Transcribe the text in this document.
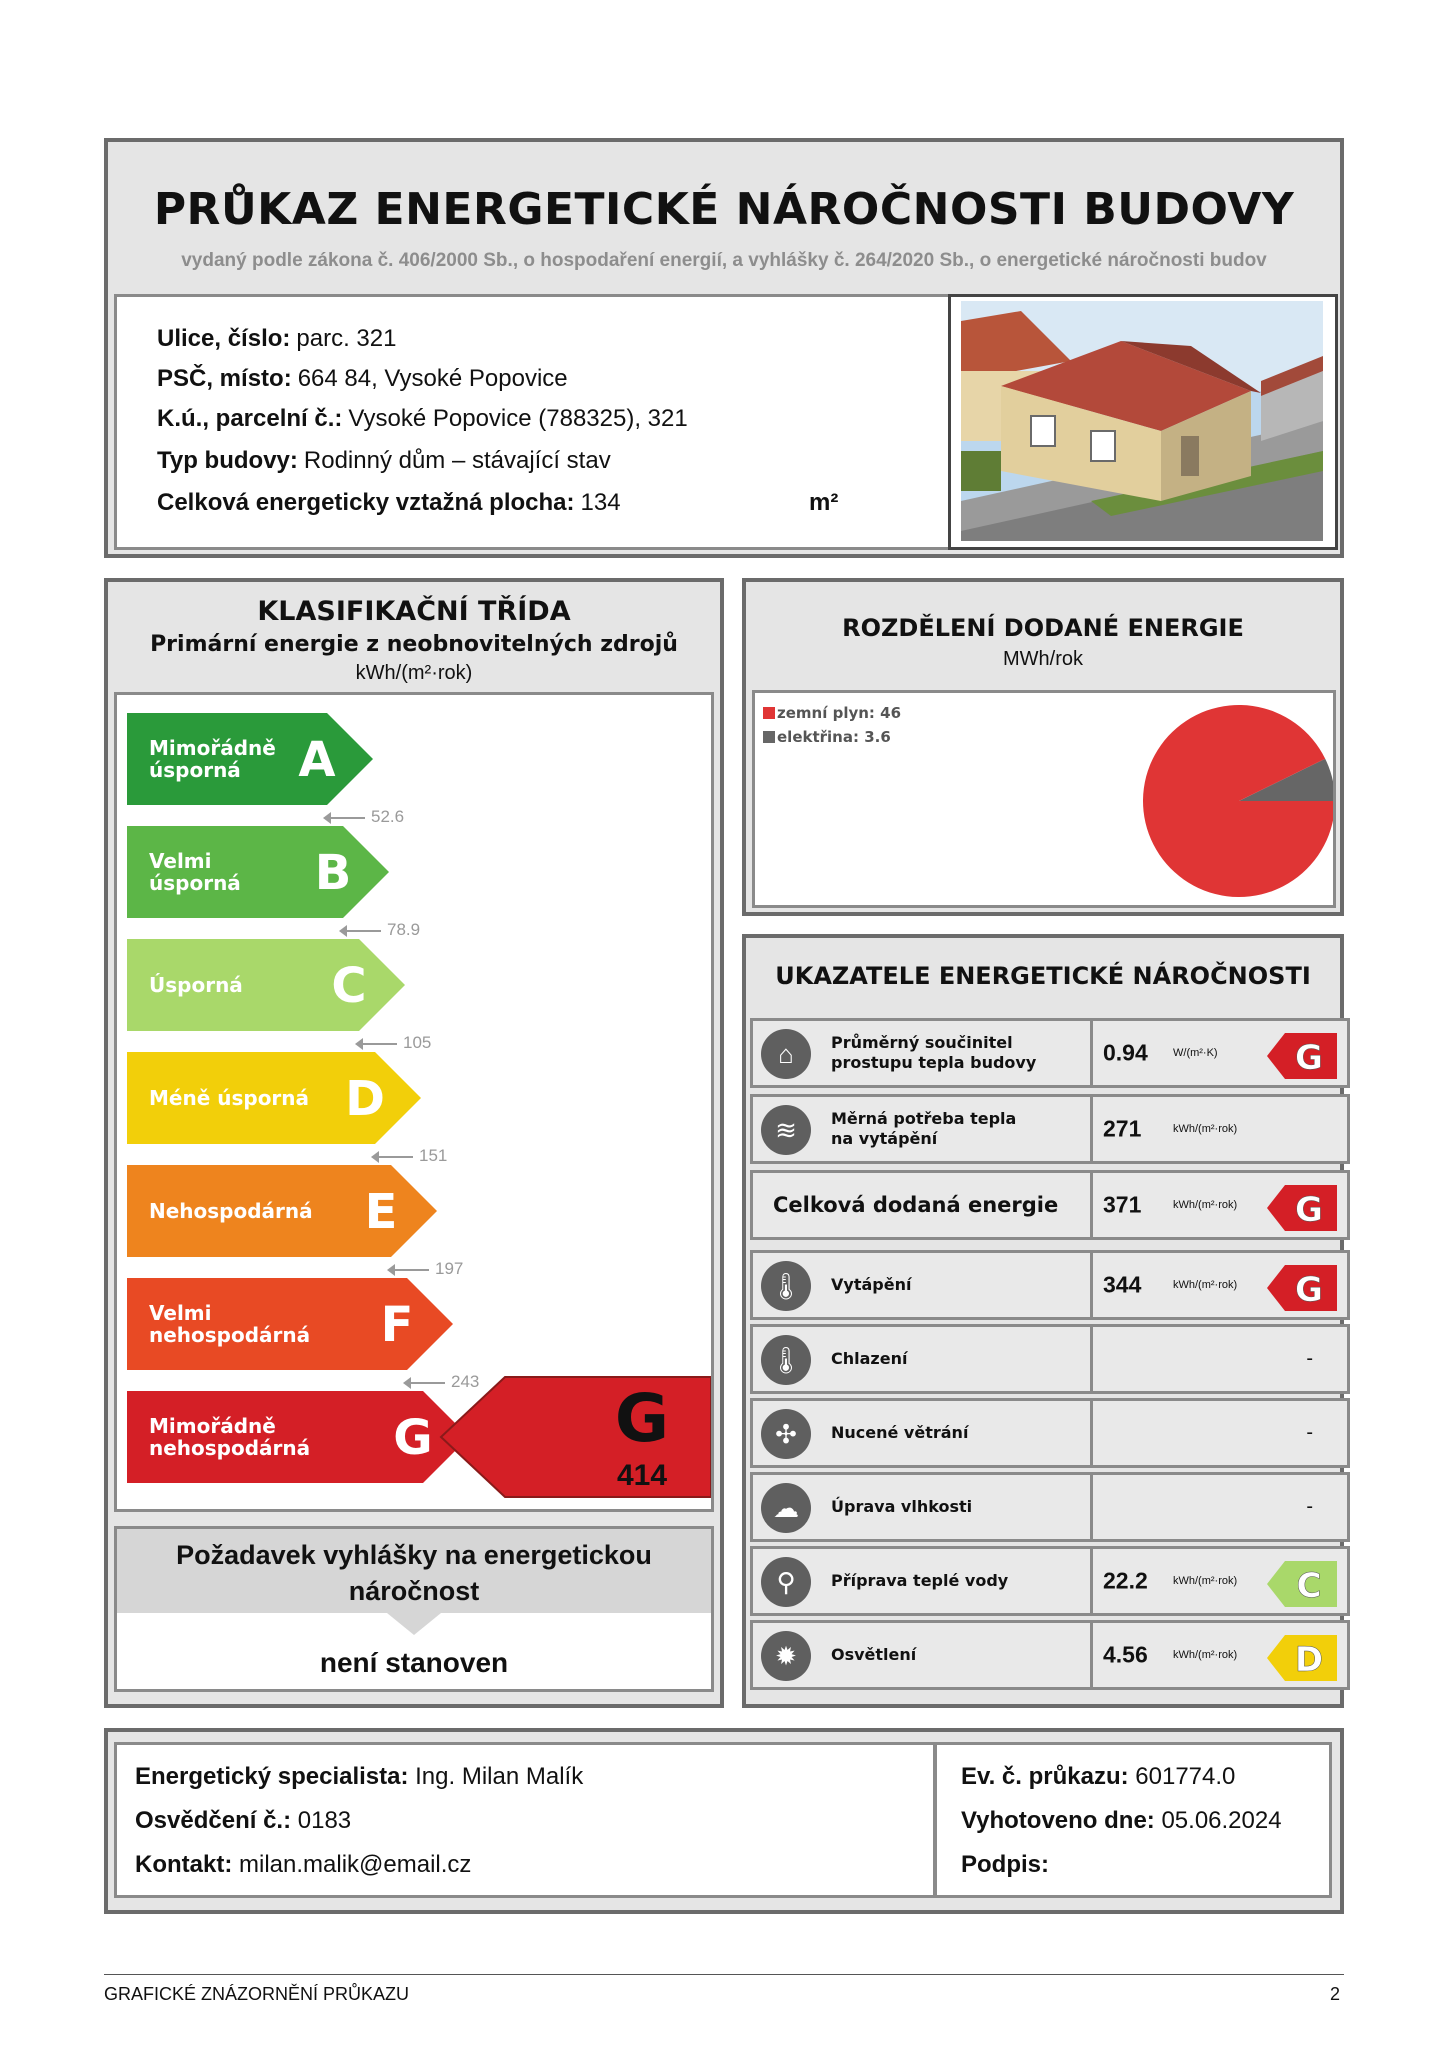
PRŮKAZ ENERGETICKÉ NÁROČNOSTI BUDOVY
vydaný podle zákona č. 406/2000 Sb., o hospodaření energií, a vyhlášky č. 264/2020 Sb., o energetické náročnosti budov
Ulice, číslo: parc. 321
PSČ, místo: 664 84, Vysoké Popovice
K.ú., parcelní č.: Vysoké Popovice (788325), 321
Typ budovy: Rodinný dům – stávající stav
Celková energeticky vztažná plocha: 134	m²
KLASIFIKAČNÍ TŘÍDA
Primární energie z neobnovitelných zdrojů
kWh/(m²·rok)
Mimořádně úsporná	A
Velmi úsporná B
Úsporná C
Méně úsporná D
Nehospodárná E
Velmi nehospodárná F
Mimořádně nehospodárná G	G
414
52.6
78.9
105
151
197
243
Požadavek vyhlášky na energetickou náročnost
není stanoven
ROZDĚLENÍ DODANÉ ENERGIE
MWh/rok
zemní plyn: 46
elektřina: 3.6
UKAZATELE ENERGETICKÉ NÁROČNOSTI
⌂	Průměrný součinitel
prostupu tepla budovy	0.94 W/(m²·K) G
≋	Měrná potřeba tepla
na vytápění	271	kWh/(m²·rok)
Celková dodaná energie 371	kWh/(m²·rok) G
🌡	Vytápění	344	kWh/(m²·rok) G
🌡	Chlazení	-
✣	Nucené větrání	-
☁	Úprava vlhkosti	-
⚲	Příprava teplé vody	22.2 kWh/(m²·rok) C
✹	Osvětlení	4.56 kWh/(m²·rok) D
Energetický specialista: Ing. Milan Malík
Osvědčení č.: 0183
Kontakt: milan.malik@email.cz
Ev. č. průkazu: 601774.0
Vyhotoveno dne: 05.06.2024
Podpis:
GRAFICKÉ ZNÁZORNĚNÍ PRŮKAZU	2
